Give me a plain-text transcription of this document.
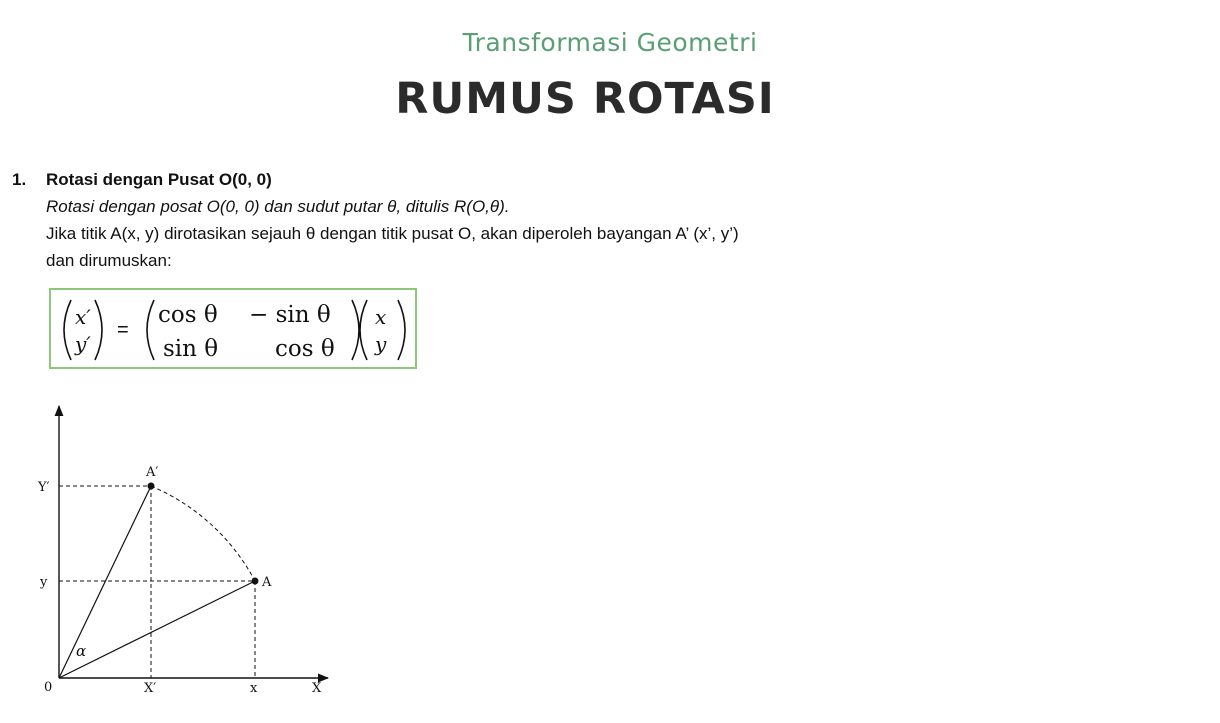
Transformasi Geometri
RUMUS ROTASI
1. Rotasi dengan Pusat O(0, 0)
Rotasi dengan posat O(0, 0) dan sudut putar θ, ditulis R(O,θ).
Jika titik A(x, y) dirotasikan sejauh θ dengan titik pusat O, akan diperoleh bayangan A’ (x’, y’)
dan dirumuskan:
x′
y′
=
cos θ − sin θ
sin θ cos θ
x
y
A′
A
Y′
y
0	X′	x	X
α
